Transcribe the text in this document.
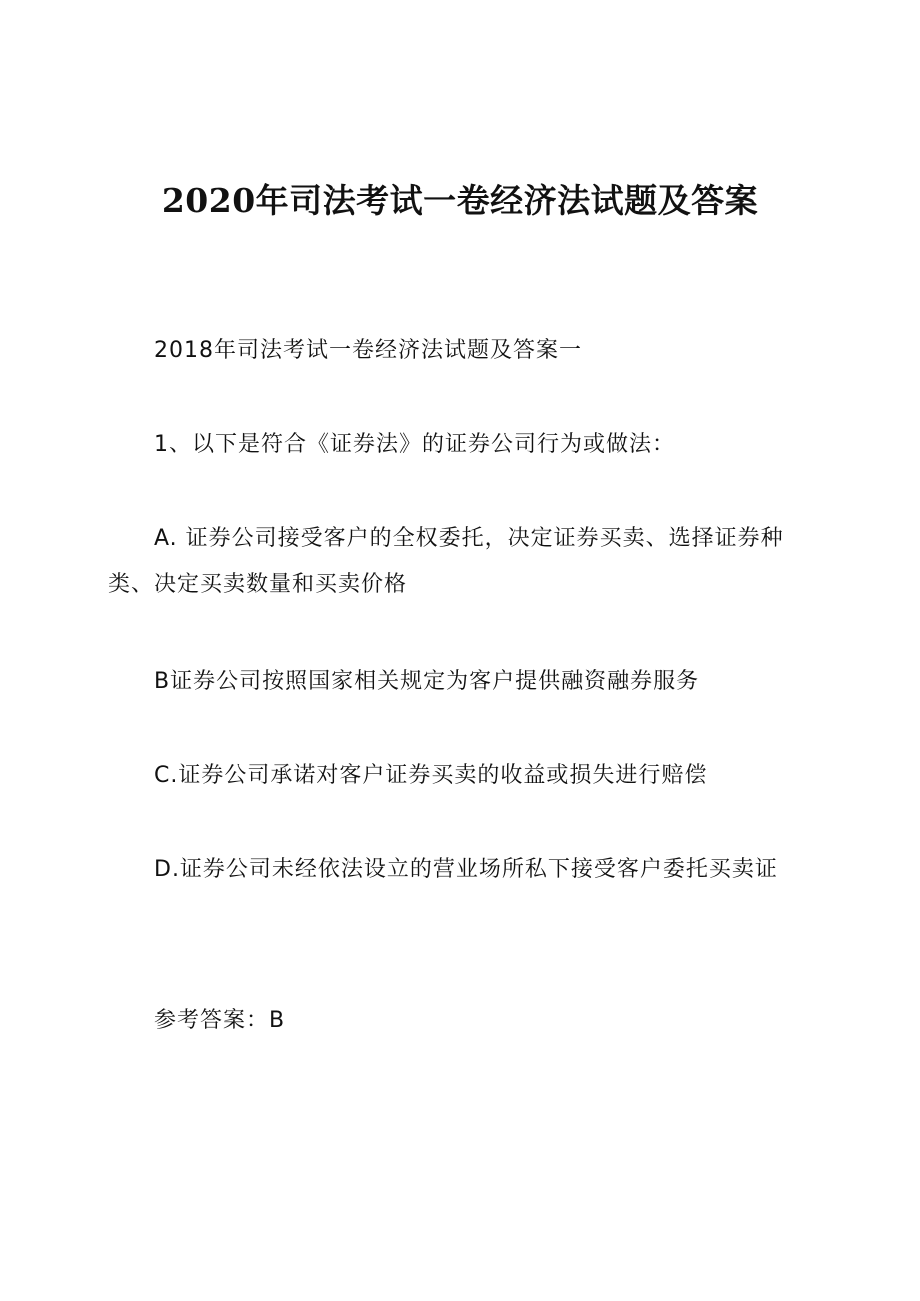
2020年司法考试一卷经济法试题及答案

2018年司法考试一卷经济法试题及答案一

1、以下是符合《证券法》的证券公司行为或做法：

A. 证券公司接受客户的全权委托，决定证券买卖、选择证券种类、决定买卖数量和买卖价格

B证券公司按照国家相关规定为客户提供融资融券服务

C.证券公司承诺对客户证券买卖的收益或损失进行赔偿

D.证券公司未经依法设立的营业场所私下接受客户委托买卖证

参考答案：B
